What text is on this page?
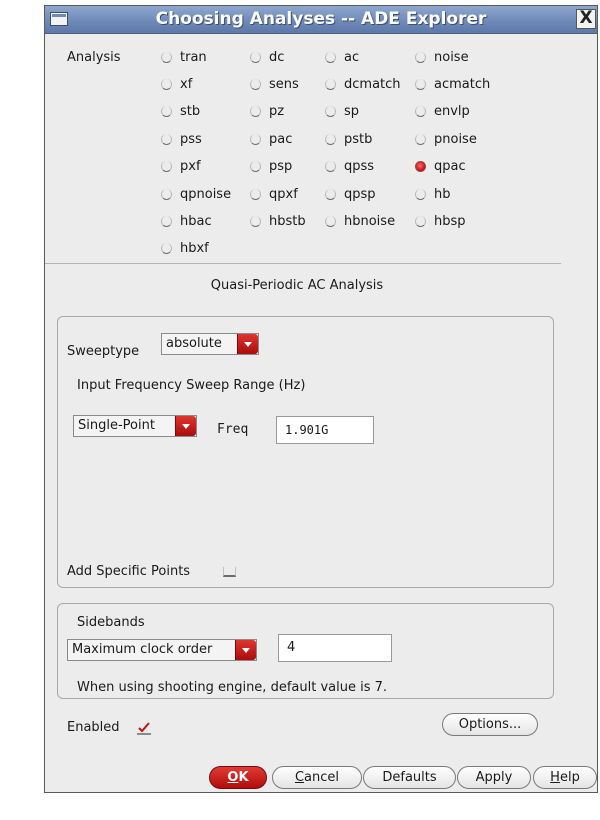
Choosing Analyses -- ADE Explorer	X
Analysis	tran	dc	ac	noise
xf	sens	dcmatch	acmatch
stb	pz	sp	envlp
pss	pac	pstb	pnoise
pxf	psp	qpss	qpac
qpnoise	qpxf	qpsp	hb
hbac	hbstb	hbnoise	hbsp
hbxf
Quasi-Periodic AC Analysis
Sweeptype
absolute
Input Frequency Sweep Range (Hz)
Single-Point	Freq	1.901G
Add Specific Points
Sidebands
Maximum clock order	4
When using shooting engine, default value is 7.
Enabled	Options...
OK	Cancel	Defaults	Apply	Help
